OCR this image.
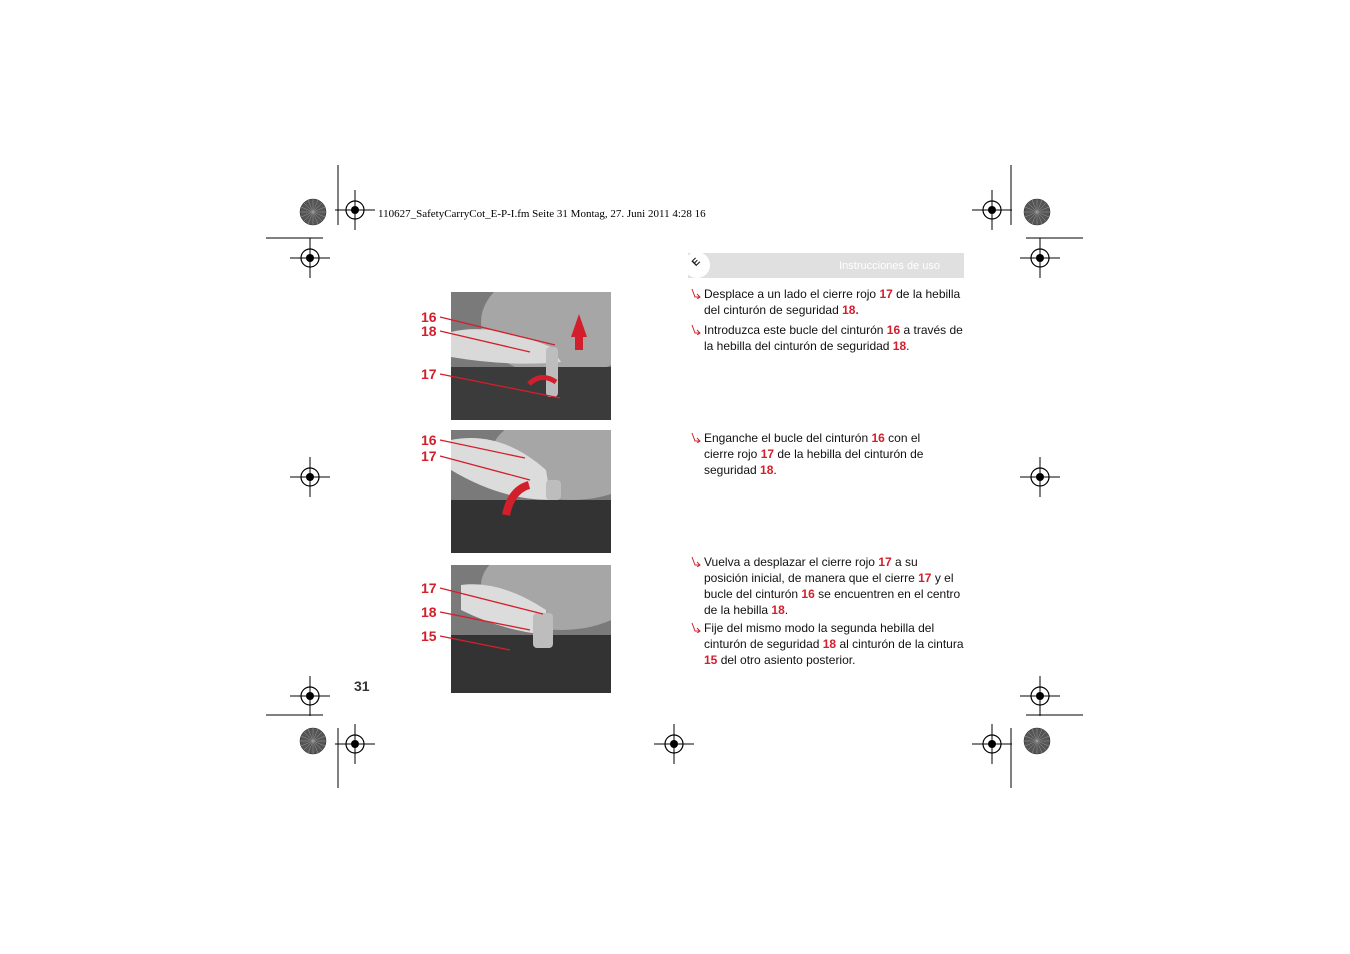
110627_SafetyCarryCot_E-P-I.fm Seite 31 Montag, 27. Juni 2011 4:28 16
E	Instrucciones de uso
16
18
17
16
17
17
18
15
Desplace a un lado el cierre rojo 17 de la hebilla del cinturón de seguridad 18.
Introduzca este bucle del cinturón 16 a través de la hebilla del cinturón de seguridad 18.
Enganche el bucle del cinturón 16 con el cierre rojo 17 de la hebilla del cinturón de seguridad 18.
Vuelva a desplazar el cierre rojo 17 a su posición inicial, de manera que el cierre 17 y el bucle del cinturón 16 se encuentren en el centro de la hebilla 18.
Fije del mismo modo la segunda hebilla del cinturón de seguridad 18 al cinturón de la cintura 15 del otro asiento posterior.
31
